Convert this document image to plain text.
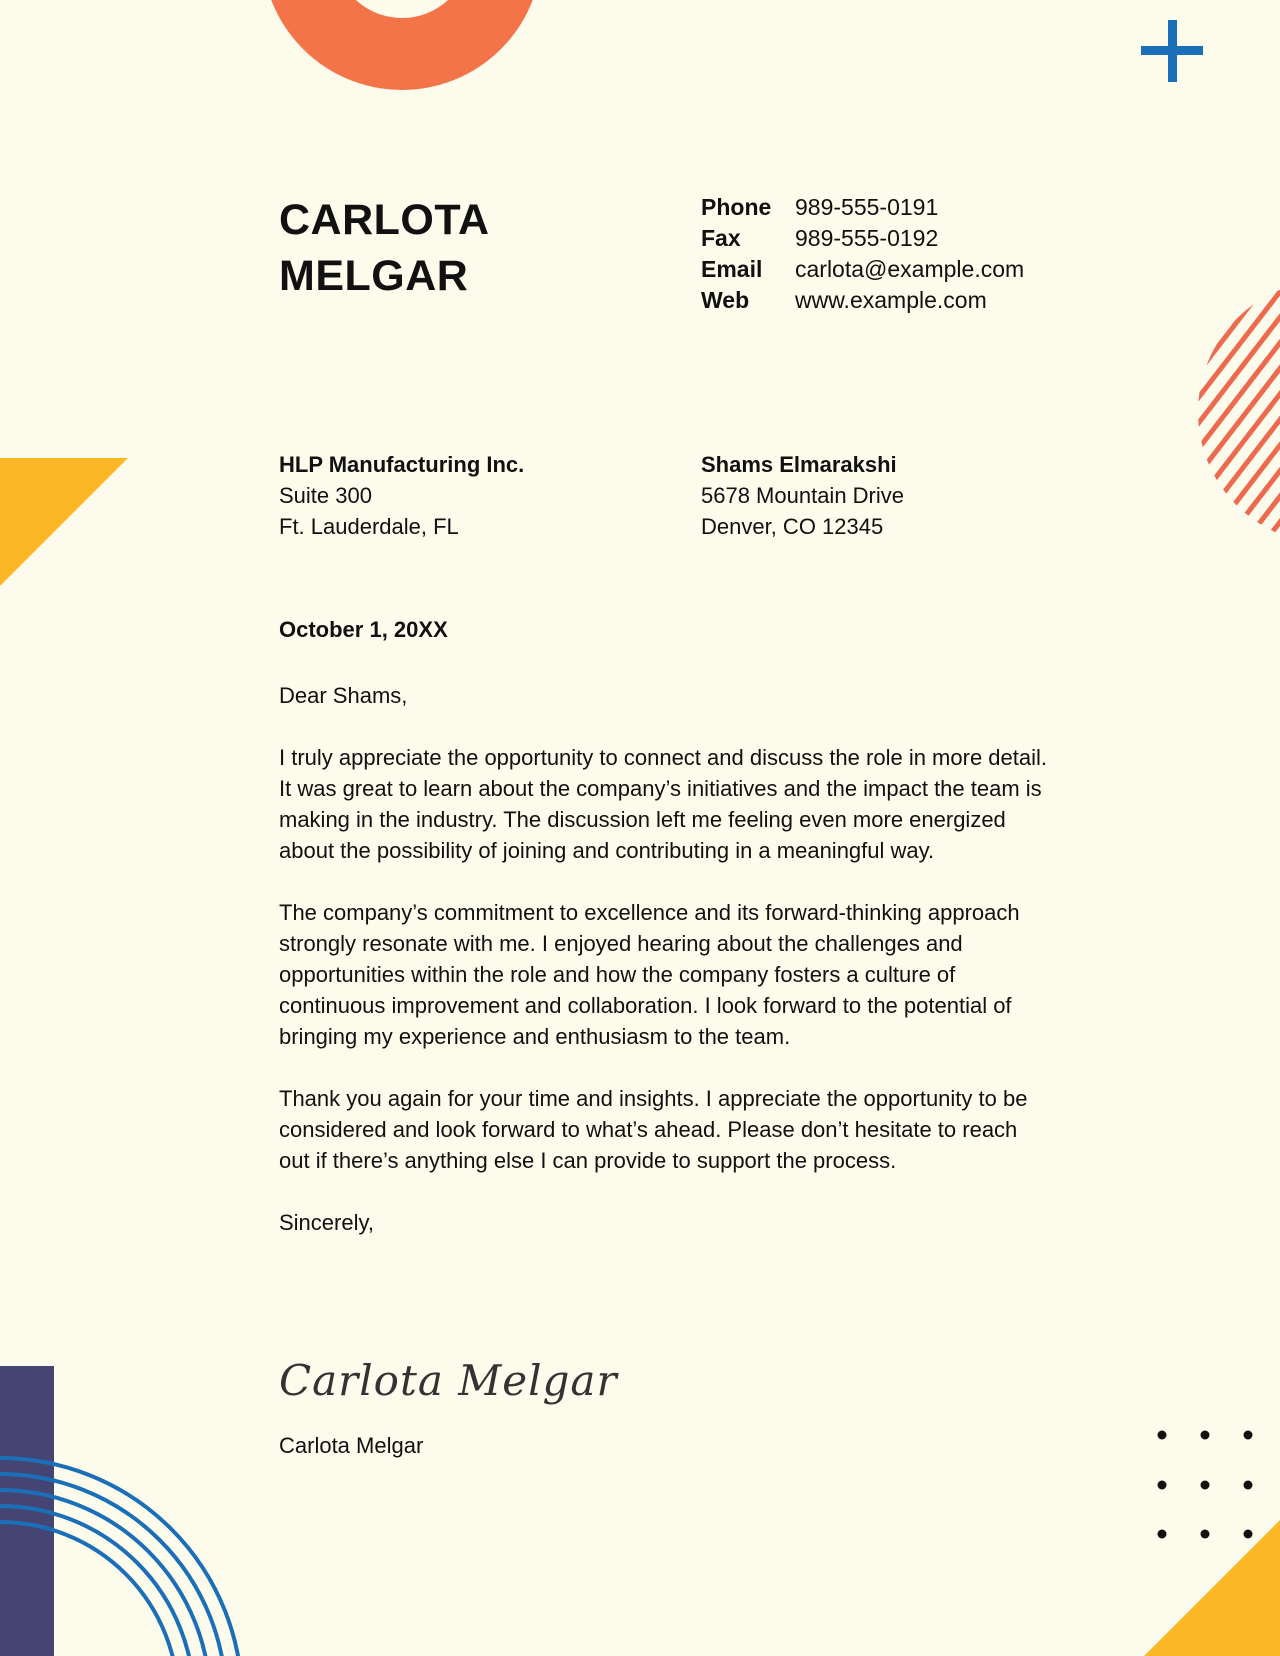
CARLOTA
MELGAR
Phone	989-555-0191
Fax	989-555-0192
Email	carlota@example.com
Web	www.example.com
HLP Manufacturing Inc.
Suite 300
Ft. Lauderdale, FL
Shams Elmarakshi
5678 Mountain Drive
Denver, CO 12345
October 1, 20XX

Dear Shams,

I truly appreciate the opportunity to connect and discuss the role in more detail. It was great to learn about the company’s initiatives and the impact the team is making in the industry. The discussion left me feeling even more energized about the possibility of joining and contributing in a meaningful way.

The company’s commitment to excellence and its forward-thinking approach strongly resonate with me. I enjoyed hearing about the challenges and opportunities within the role and how the company fosters a culture of continuous improvement and collaboration. I look forward to the potential of bringing my experience and enthusiasm to the team.

Thank you again for your time and insights. I appreciate the opportunity to be considered and look forward to what’s ahead. Please don’t hesitate to reach out if there’s anything else I can provide to support the process.

Sincerely,

Carlota Melgar
Carlota Melgar
